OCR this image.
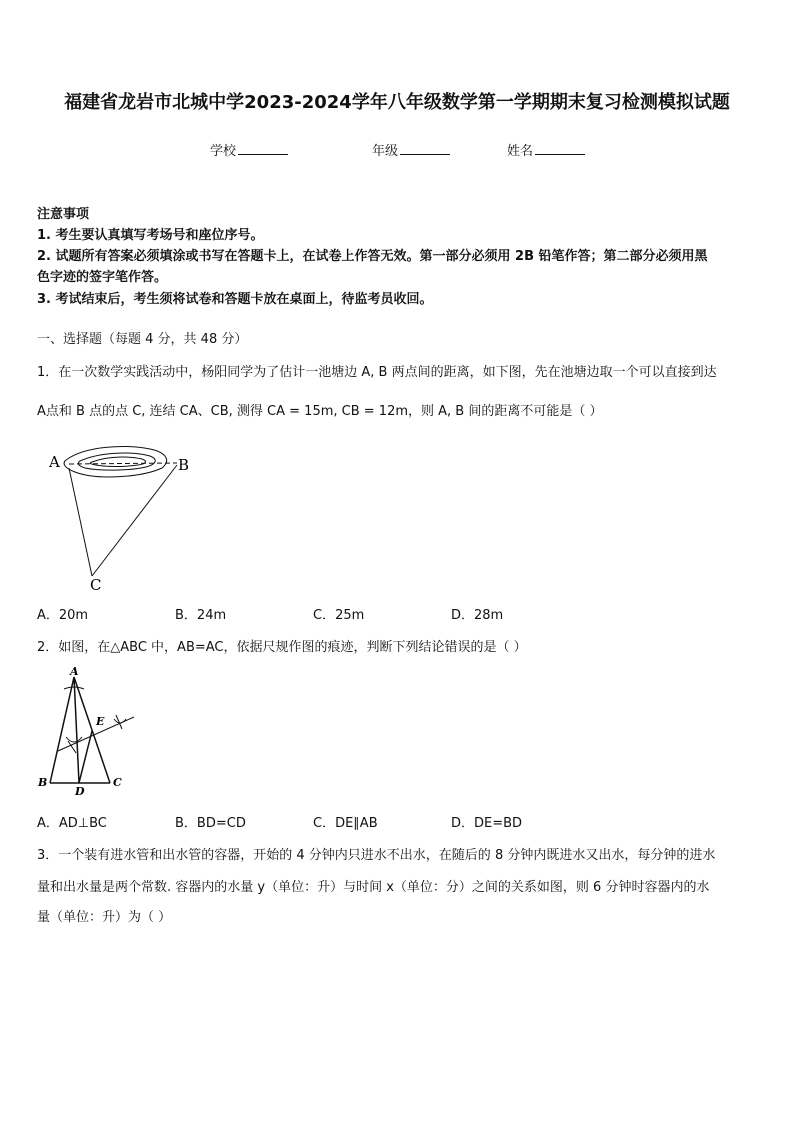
福建省龙岩市北城中学2023-2024学年八年级数学第一学期期末复习检测模拟试题
学校	年级	姓名
注意事项
1. 考生要认真填写考场号和座位序号。
2. 试题所有答案必须填涂或书写在答题卡上，在试卷上作答无效。第一部分必须用 2B 铅笔作答；第二部分必须用黑
色字迹的签字笔作答。
3. 考试结束后，考生须将试卷和答题卡放在桌面上，待监考员收回。
一、选择题（每题 4 分，共 48 分）
1．在一次数学实践活动中，杨阳同学为了估计一池塘边 A, B 两点间的距离，如下图，先在池塘边取一个可以直接到达
A点和 B 点的点 C, 连结 CA、CB, 测得 CA = 15m, CB = 12m，则 A, B 间的距离不可能是（ ）
A	B
C
A．20m	B．24m	C．25m	D．28m
2．如图，在△ABC 中，AB=AC，依据尺规作图的痕迹，判断下列结论错误的是（ ）
A
B	C
D
E
A．AD⊥BC	B．BD=CD	C．DE∥AB	D．DE=BD
3．一个装有进水管和出水管的容器，开始的 4 分钟内只进水不出水，在随后的 8 分钟内既进水又出水，每分钟的进水
量和出水量是两个常数. 容器内的水量 y（单位：升）与时间 x（单位：分）之间的关系如图，则 6 分钟时容器内的水
量（单位：升）为（ ）
